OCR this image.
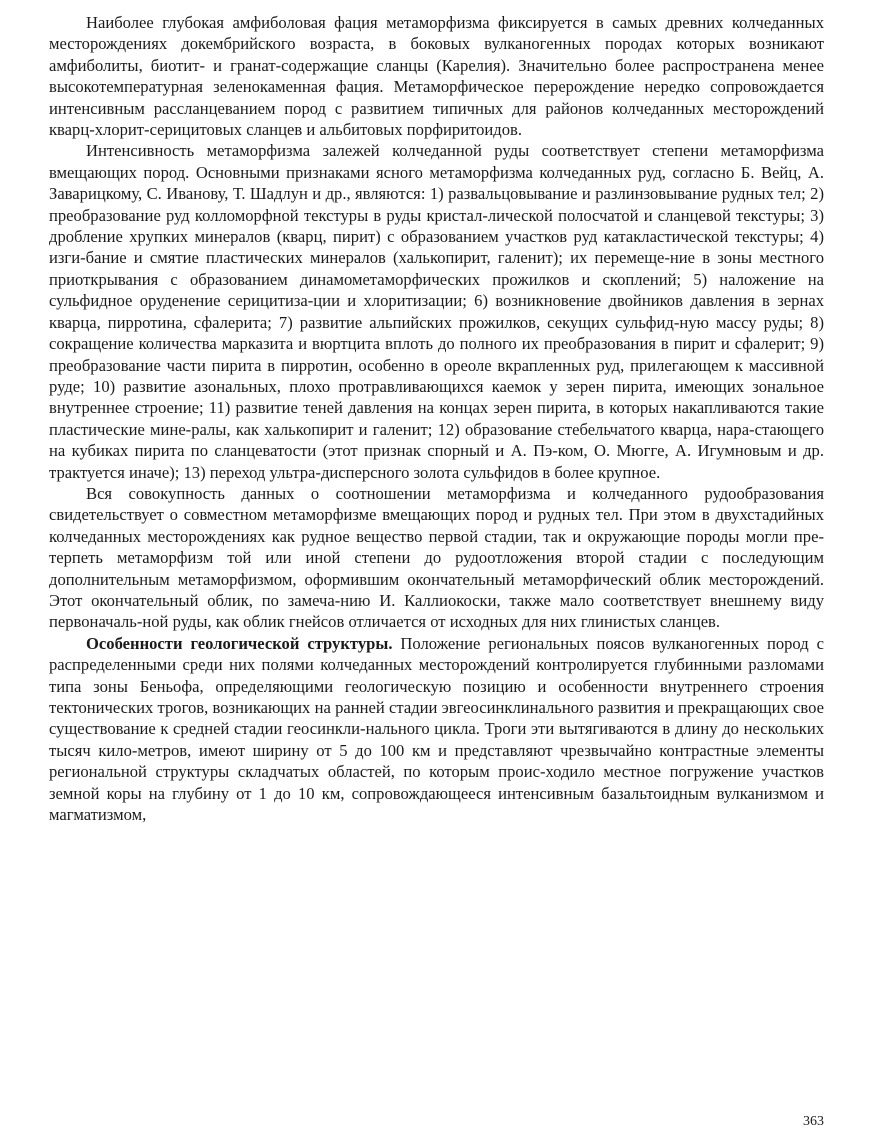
Наиболее глубокая амфиболовая фация метаморфизма фиксируется в самых древних колчеданных месторождениях докембрийского возраста, в боковых вулканогенных породах которых возникают амфиболиты, биотит- и гранат-содержащие сланцы (Карелия). Значительно более распространена менее высокотемпературная зеленокаменная фация. Метаморфическое перерождение нередко сопровождается интенсивным рассланцеванием пород с развитием типичных для районов колчеданных месторождений кварц-хлорит-серицитовых сланцев и альбитовых порфиритоидов.

Интенсивность метаморфизма залежей колчеданной руды соответствует степени метаморфизма вмещающих пород. Основными признаками ясного метаморфизма колчеданных руд, согласно Б. Вейц, А. Заварицкому, С. Иванову, Т. Шадлун и др., являются: 1) развальцовывание и разлинзовывание рудных тел; 2) преобразование руд колломорфной текстуры в руды кристал-лической полосчатой и сланцевой текстуры; 3) дробление хрупких минералов (кварц, пирит) с образованием участков руд катакластической текстуры; 4) изги-бание и смятие пластических минералов (халькопирит, галенит); их перемеще-ние в зоны местного приоткрывания с образованием динамометаморфических прожилков и скоплений; 5) наложение на сульфидное оруденение серицитиза-ции и хлоритизации; 6) возникновение двойников давления в зернах кварца, пирротина, сфалерита; 7) развитие альпийских прожилков, секущих сульфид-ную массу руды; 8) сокращение количества марказита и вюртцита вплоть до полного их преобразования в пирит и сфалерит; 9) преобразование части пирита в пирротин, особенно в ореоле вкрапленных руд, прилегающем к массивной руде; 10) развитие азональных, плохо протравливающихся каемок у зерен пирита, имеющих зональное внутреннее строение; 11) развитие теней давления на концах зерен пирита, в которых накапливаются такие пластические мине-ралы, как халькопирит и галенит; 12) образование стебельчатого кварца, нара-стающего на кубиках пирита по сланцеватости (этот признак спорный и А. Пэ-ком, О. Мюгге, А. Игумновым и др. трактуется иначе); 13) переход ультра-дисперсного золота сульфидов в более крупное.

Вся совокупность данных о соотношении метаморфизма и колчеданного рудообразования свидетельствует о совместном метаморфизме вмещающих пород и рудных тел. При этом в двухстадийных колчеданных месторождениях как рудное вещество первой стадии, так и окружающие породы могли пре-терпеть метаморфизм той или иной степени до рудоотложения второй стадии с последующим дополнительным метаморфизмом, оформившим окончательный метаморфический облик месторождений. Этот окончательный облик, по замеча-нию И. Каллиокоски, также мало соответствует внешнему виду первоначаль-ной руды, как облик гнейсов отличается от исходных для них глинистых сланцев.

Особенности геологической структуры. Положение региональных поясов вулканогенных пород с распределенными среди них полями колчеданных месторождений контролируется глубинными разломами типа зоны Беньофа, определяющими геологическую позицию и особенности внутреннего строения тектонических трогов, возникающих на ранней стадии эвгеосинклинального развития и прекращающих свое существование к средней стадии геосинкли-нального цикла. Троги эти вытягиваются в длину до нескольких тысяч кило-метров, имеют ширину от 5 до 100 км и представляют чрезвычайно контрастные элементы региональной структуры складчатых областей, по которым проис-ходило местное погружение участков земной коры на глубину от 1 до 10 км, сопровождающееся интенсивным базальтоидным вулканизмом и магматизмом,

363
